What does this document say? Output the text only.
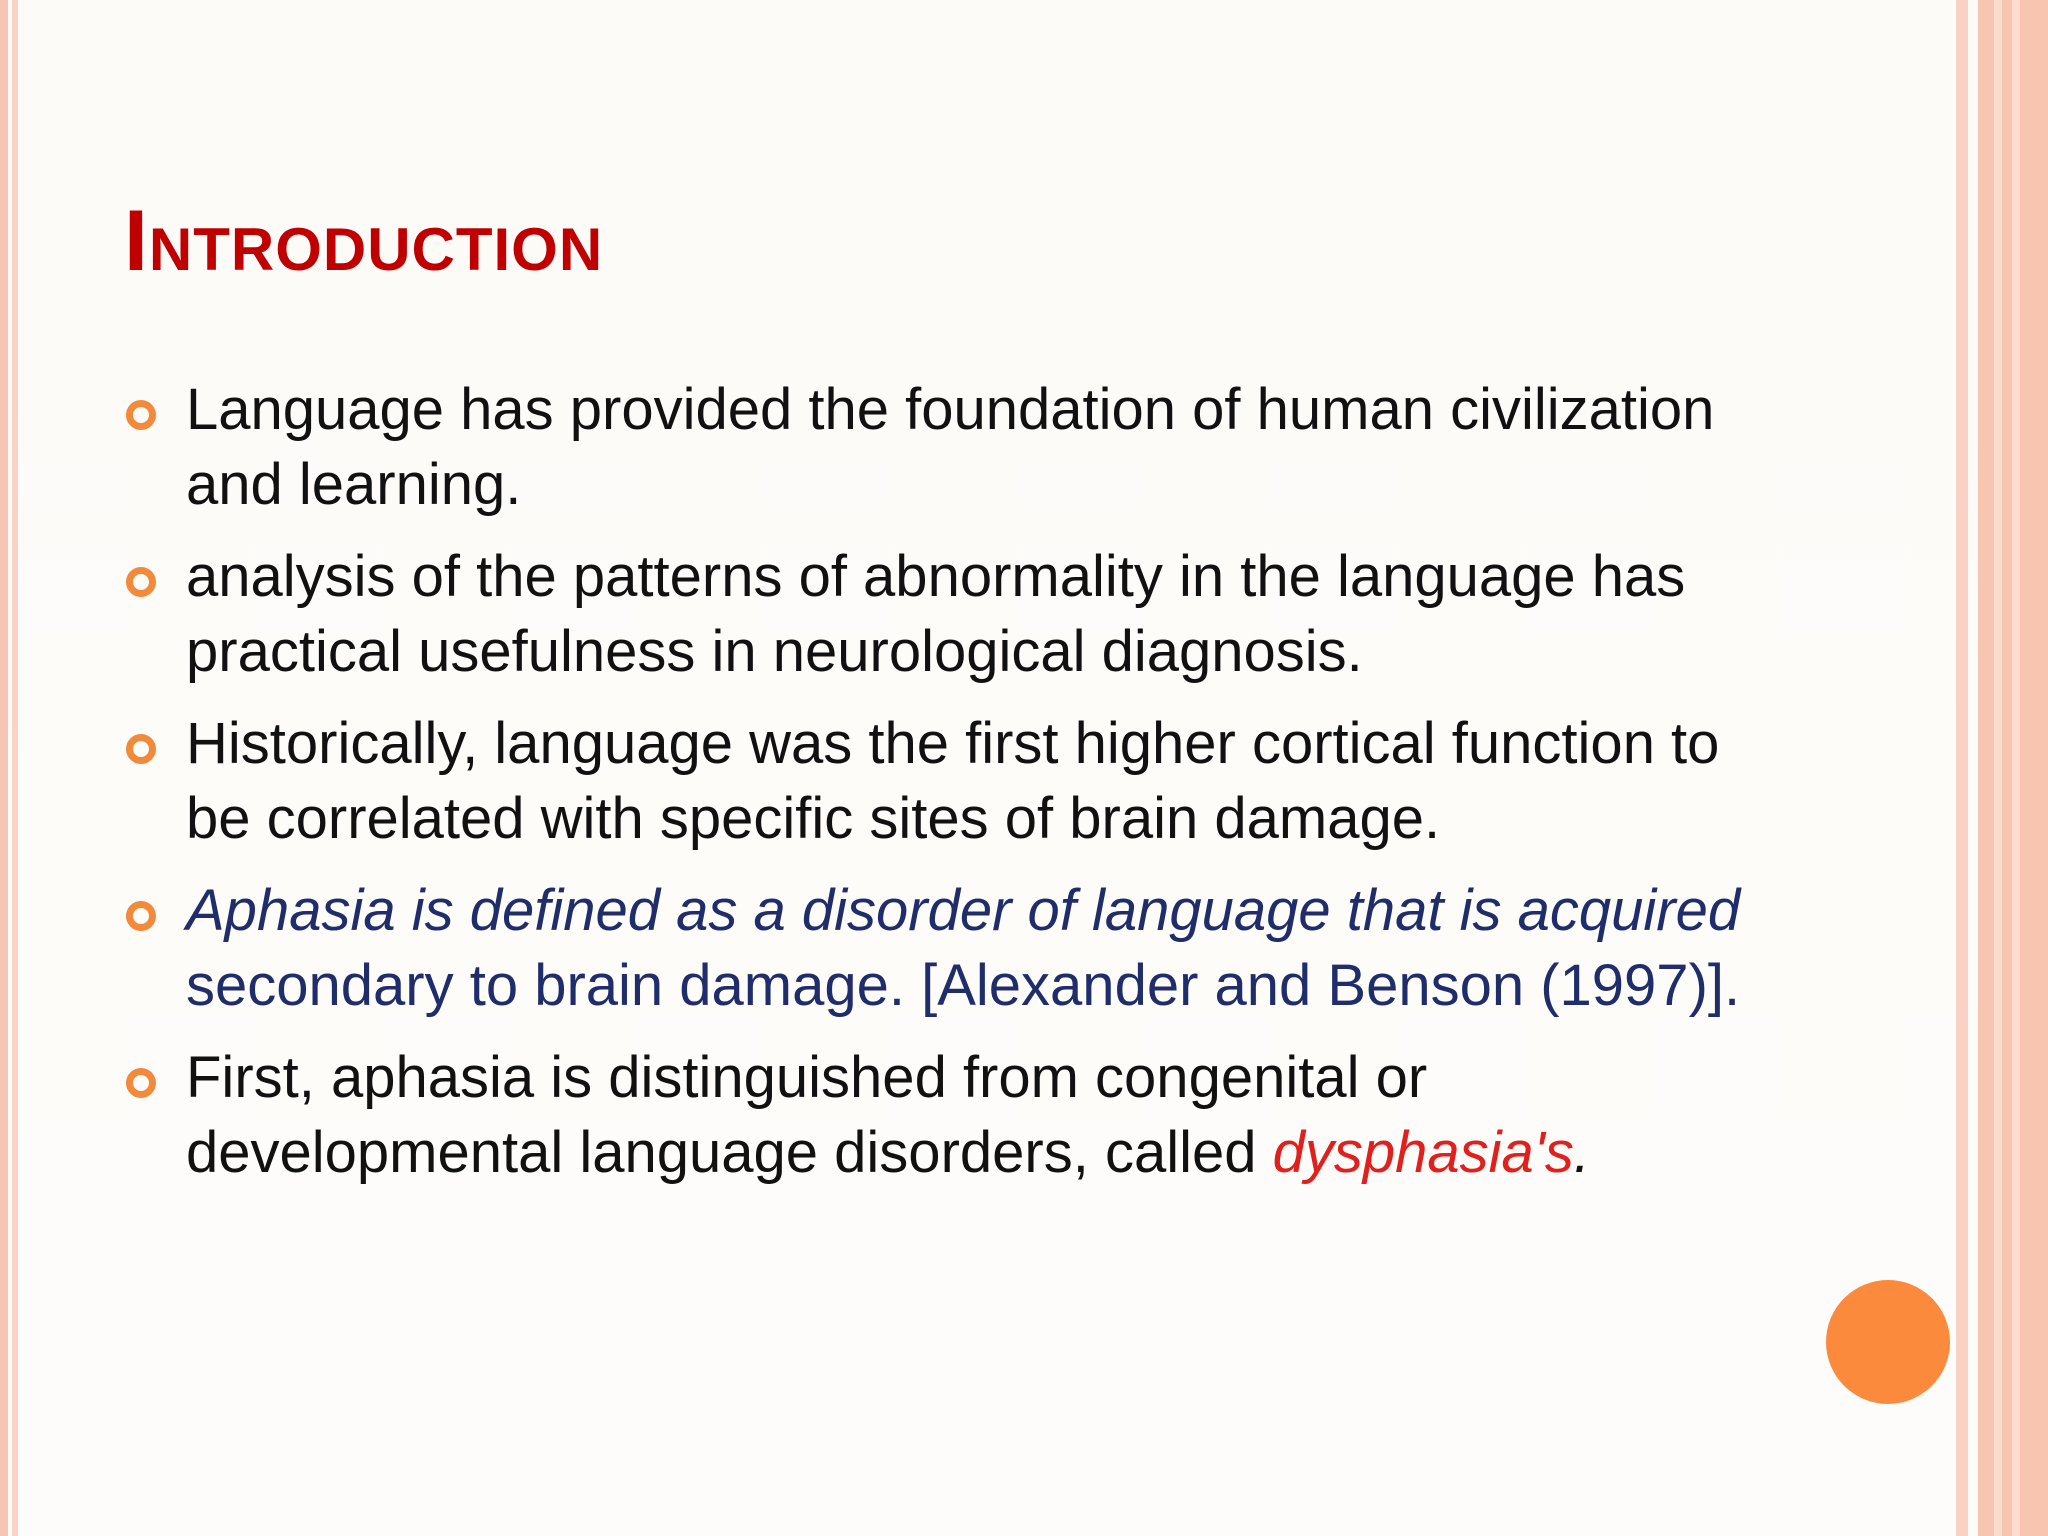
Introduction
Language has provided the foundation of human civilization and learning.
analysis of the patterns of abnormality in the language has practical usefulness in neurological diagnosis.
Historically, language was the first higher cortical function to be correlated with specific sites of brain damage.
Aphasia is defined as a disorder of language that is acquired secondary to brain damage. [Alexander and Benson (1997)].
First, aphasia is distinguished from congenital or developmental language disorders, called dysphasia's.
